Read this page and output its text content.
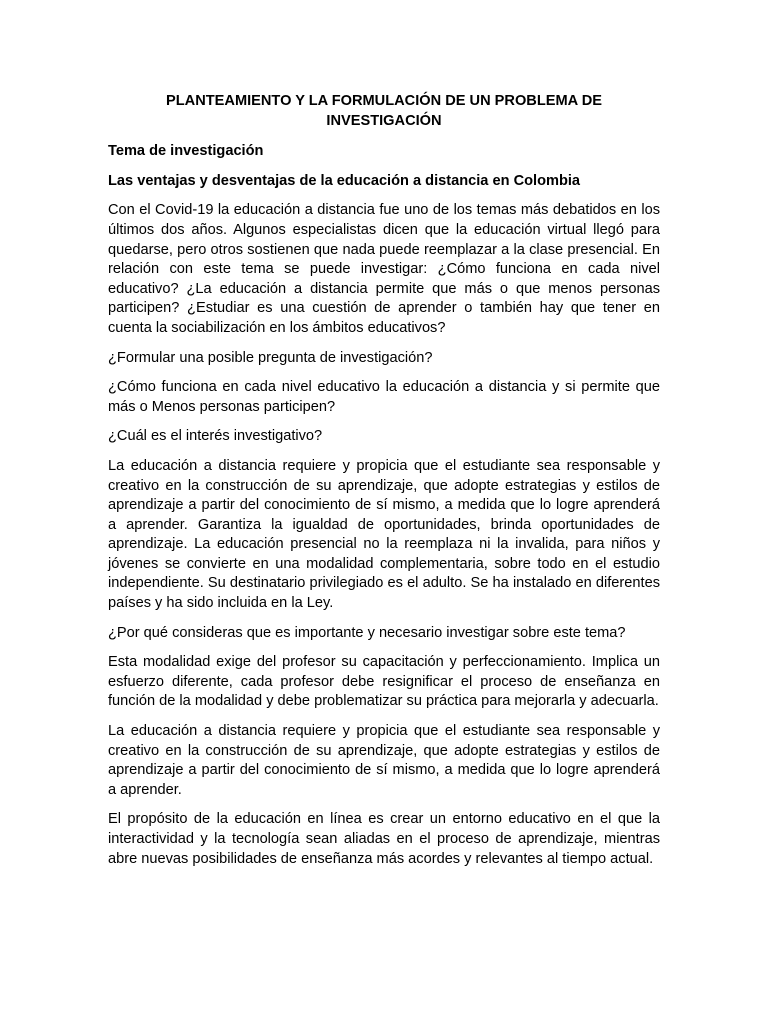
PLANTEAMIENTO Y LA FORMULACIÓN DE UN PROBLEMA DE INVESTIGACIÓN
Tema de investigación
Las ventajas y desventajas de la educación a distancia en Colombia

Con el Covid-19 la educación a distancia fue uno de los temas más debatidos en los últimos dos años. Algunos especialistas dicen que la educación virtual llegó para quedarse, pero otros sostienen que nada puede reemplazar a la clase presencial. En relación con este tema se puede investigar: ¿Cómo funciona en cada nivel educativo? ¿La educación a distancia permite que más o que menos personas participen? ¿Estudiar es una cuestión de aprender o también hay que tener en cuenta la sociabilización en los ámbitos educativos?

¿Formular una posible pregunta de investigación?

¿Cómo funciona en cada nivel educativo la educación a distancia y si permite que más o Menos personas participen?

¿Cuál es el interés investigativo?

La educación a distancia requiere y propicia que el estudiante sea responsable y creativo en la construcción de su aprendizaje, que adopte estrategias y estilos de aprendizaje a partir del conocimiento de sí mismo, a medida que lo logre aprenderá a aprender. Garantiza la igualdad de oportunidades, brinda oportunidades de aprendizaje. La educación presencial no la reemplaza ni la invalida, para niños y jóvenes se convierte en una modalidad complementaria, sobre todo en el estudio independiente. Su destinatario privilegiado es el adulto. Se ha instalado en diferentes países y ha sido incluida en la Ley.

¿Por qué consideras que es importante y necesario investigar sobre este tema?

Esta modalidad exige del profesor su capacitación y perfeccionamiento. Implica un esfuerzo diferente, cada profesor debe resignificar el proceso de enseñanza en función de la modalidad y debe problematizar su práctica para mejorarla y adecuarla.

La educación a distancia requiere y propicia que el estudiante sea responsable y creativo en la construcción de su aprendizaje, que adopte estrategias y estilos de aprendizaje a partir del conocimiento de sí mismo, a medida que lo logre aprenderá a aprender.

El propósito de la educación en línea es crear un entorno educativo en el que la interactividad y la tecnología sean aliadas en el proceso de aprendizaje, mientras abre nuevas posibilidades de enseñanza más acordes y relevantes al tiempo actual.
